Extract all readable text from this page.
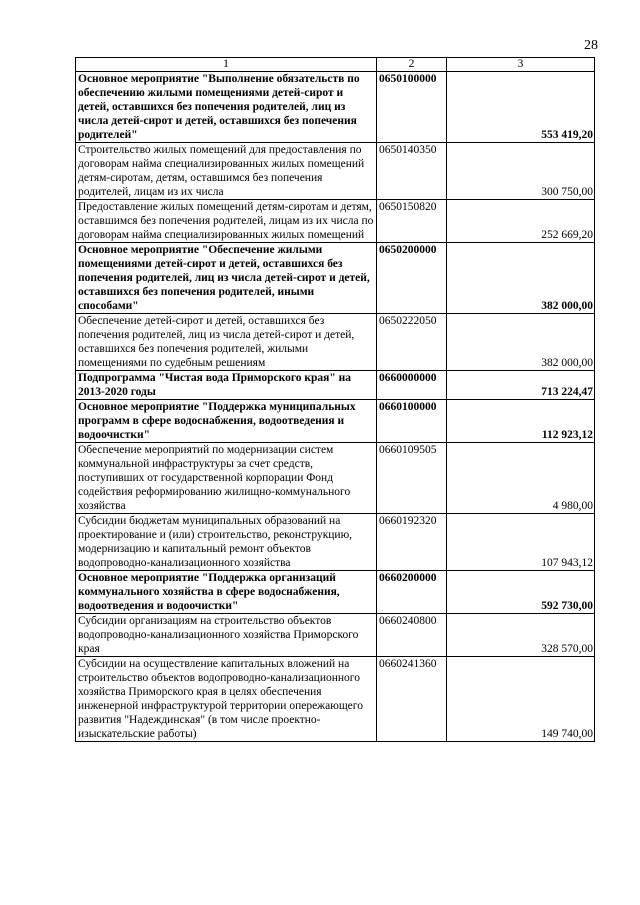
28
1	2	3
Основное мероприятие "Выполнение обязательств по обеспечению жилыми помещениями детей-сирот и детей, оставшихся без попечения родителей, лиц из числа детей-сирот и детей, оставшихся без попечения родителей"	0650100000	553 419,20
Строительство жилых помещений для предоставления по договорам найма специализированных жилых помещений детям-сиротам, детям, оставшимся без попечения родителей, лицам из их числа	0650140350	300 750,00
Предоставление жилых помещений детям-сиротам и детям, оставшимся без попечения родителей, лицам из их числа по договорам найма специализированных жилых помещений	0650150820	252 669,20
Основное мероприятие "Обеспечение жилыми помещениями детей-сирот и детей, оставшихся без попечения родителей, лиц из числа детей-сирот и детей, оставшихся без попечения родителей, иными способами"	0650200000	382 000,00
Обеспечение детей-сирот и детей, оставшихся без попечения родителей, лиц из числа детей-сирот и детей, оставшихся без попечения родителей, жилыми помещениями по судебным решениям	0650222050	382 000,00
Подпрограмма "Чистая вода Приморского края" на 2013-2020 годы	0660000000	713 224,47
Основное мероприятие "Поддержка муниципальных программ в сфере водоснабжения, водоотведения и водоочистки"	0660100000	112 923,12
Обеспечение мероприятий по модернизации систем коммунальной инфраструктуры за счет средств, поступивших от государственной корпорации Фонд содействия реформированию жилищно-коммунального хозяйства	0660109505	4 980,00
Субсидии бюджетам муниципальных образований на проектирование и (или) строительство, реконструкцию, модернизацию и капитальный ремонт объектов водопроводно-канализационного хозяйства	0660192320	107 943,12
Основное мероприятие "Поддержка организаций коммунального хозяйства в сфере водоснабжения, водоотведения и водоочистки"	0660200000	592 730,00
Субсидии организациям на строительство объектов водопроводно-канализационного хозяйства Приморского края	0660240800	328 570,00
Субсидии на осуществление капитальных вложений на строительство объектов водопроводно-канализационного хозяйства Приморского края в целях обеспечения инженерной инфраструктурой территории опережающего развития "Надеждинская" (в том числе проектно-изыскательские работы)	0660241360	149 740,00
